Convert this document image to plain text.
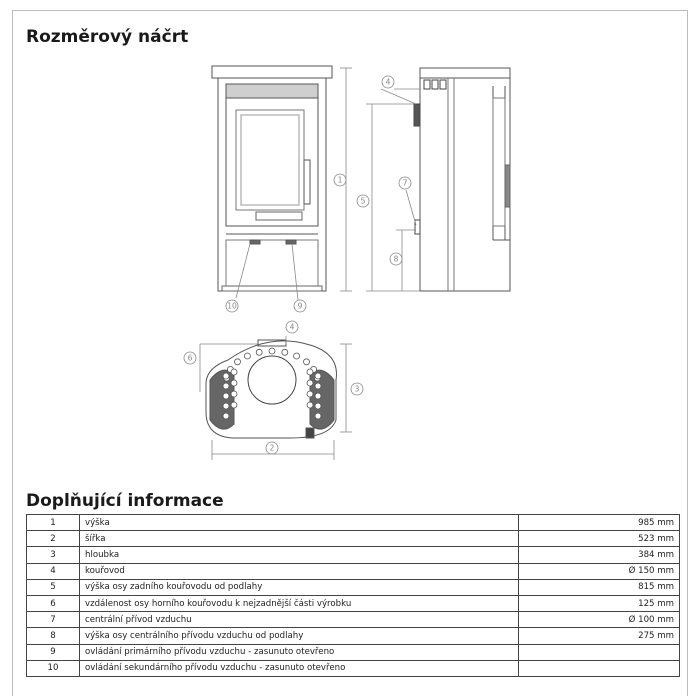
Rozměrový náčrt
1
10	9
4
5
7
8
4
6
3
2
Doplňující informace
1	výška	985 mm
2	šířka	523 mm
3	hloubka	384 mm
4	kouřovod	Ø 150 mm
5	výška osy zadního kouřovodu od podlahy	815 mm
6	vzdálenost osy horního kouřovodu k nejzadnější části výrobku	125 mm
7	centrální přívod vzduchu	Ø 100 mm
8	výška osy centrálního přívodu vzduchu od podlahy	275 mm
9	ovládání primárního přívodu vzduchu - zasunuto otevřeno	
10	ovládání sekundárního přívodu vzduchu - zasunuto otevřeno	
